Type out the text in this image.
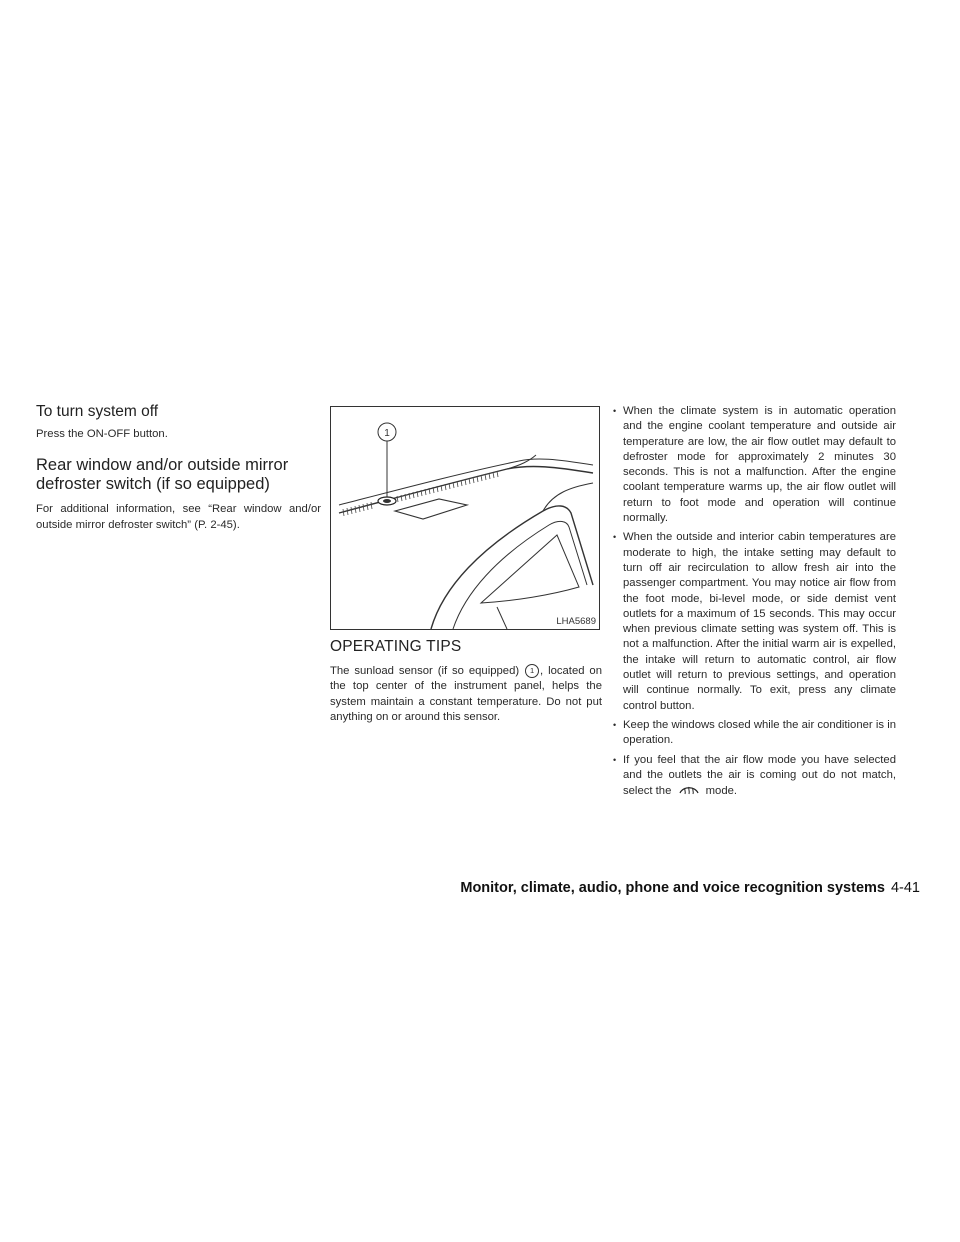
To turn system off

Press the ON-OFF button.

Rear window and/or outside mirror defroster switch (if so equipped)

For additional information, see “Rear window and/or outside mirror defroster switch” (P. 2-45).

1
LHA5689
OPERATING TIPS

The sunload sensor (if so equipped) 1 , located on the top center of the instrument panel, helps the system maintain a constant temperature. Do not put anything on or around this sensor.

• When the climate system is in automatic operation and the engine coolant temperature and outside air temperature are low, the air flow outlet may default to defroster mode for approximately 2 minutes 30 seconds. This is not a malfunction. After the engine coolant temperature warms up, the air flow outlet will return to foot mode and operation will continue normally.
• When the outside and interior cabin temperatures are moderate to high, the intake setting may default to turn off air recirculation to allow fresh air into the passenger compartment. You may notice air flow from the foot mode, bi-level mode, or side demist vent outlets for a maximum of 15 seconds. This may occur when previous climate setting was system off. This is not a malfunction. After the initial warm air is expelled, the intake will return to automatic control, air flow outlet will return to previous settings, and operation will continue normally. To exit, press any climate control button.
• Keep the windows closed while the air conditioner is in operation.
• If you feel that the air flow mode you have selected and the outlets the air is coming out do not match, select the  mode.
Monitor, climate, audio, phone and voice recognition systems 4-41
